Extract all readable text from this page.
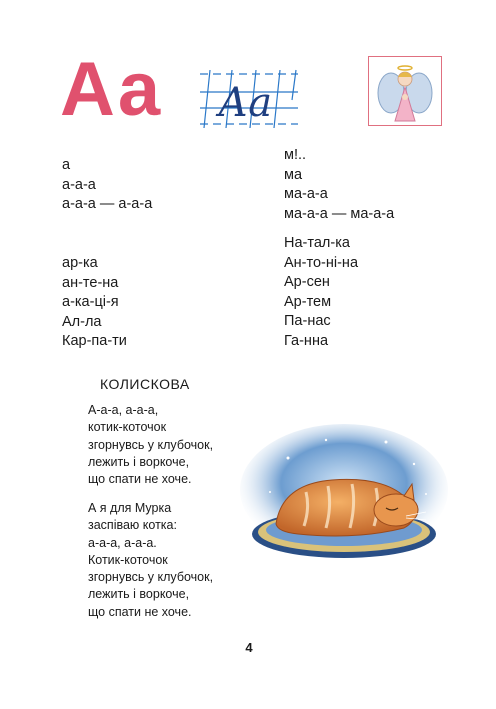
Аа Аа
а
а-а-а
а-а-а — а-а-а
ар-ка
ан-те-на
а-ка-ці-я
Ал-ла
Кар-па-ти
м!..
ма
ма-а-а
ма-а-а — ма-а-а
На-тал-ка
Ан-то-ні-на
Ар-сен
Ар-тем
Па-нас
Га-нна
КОЛИСКОВА
А-а-а, а-а-а,
котик-коточок
згорнувсь у клубочок,
лежить і воркоче,
що спати не хоче.
А я для Мурка
заспіваю котка:
а-а-а, а-а-а.
Котик-коточок
згорнувсь у клубочок,
лежить і воркоче,
що спати не хоче.
4
